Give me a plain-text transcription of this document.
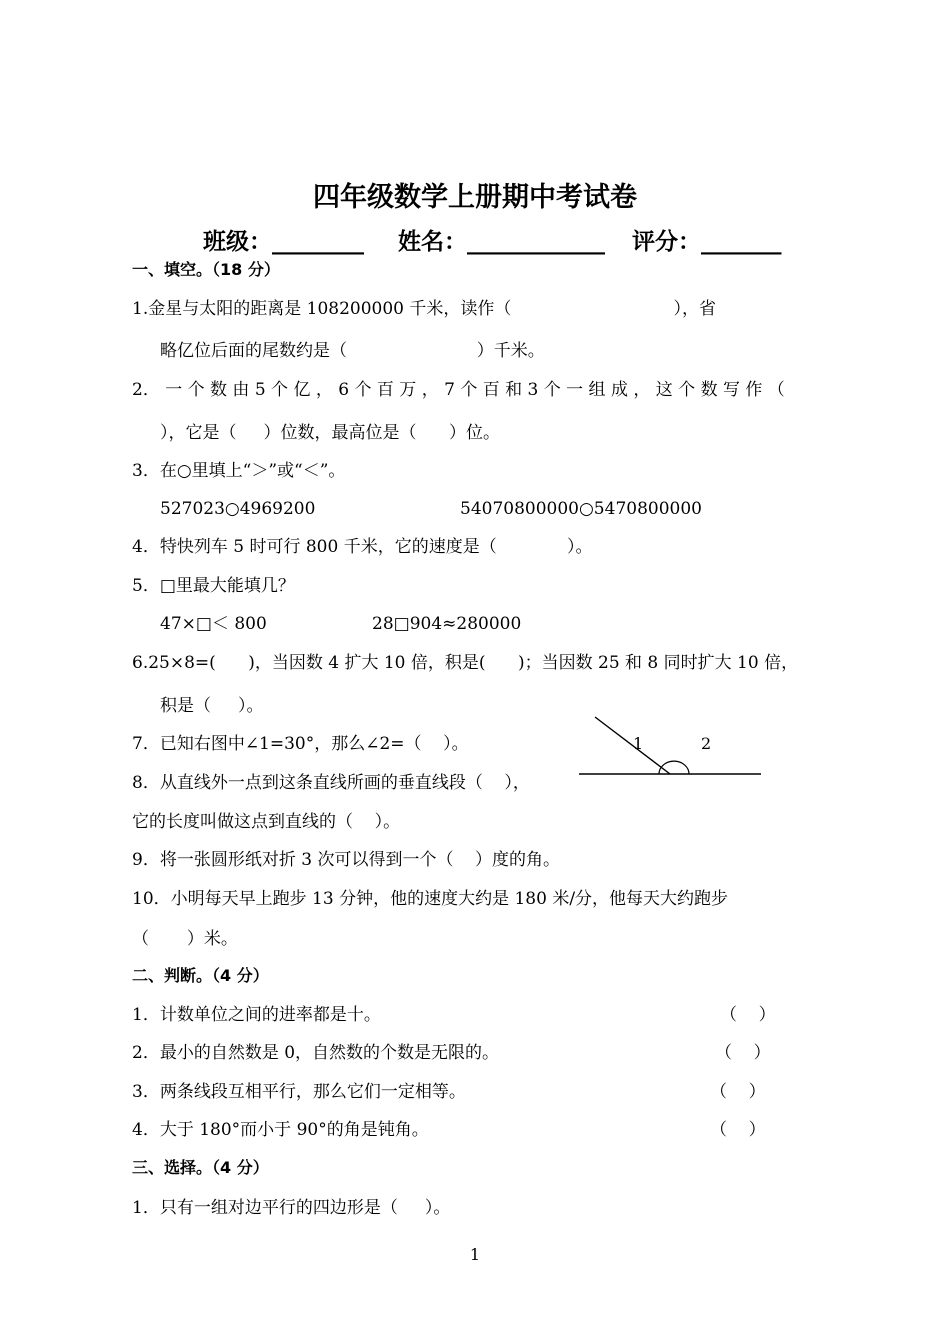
四年级数学上册期中考试卷
班级：________ 姓名：____________ 评分：_______
一、填空。（18 分）
1.金星与太阳的距离是 108200000 千米，读作（                              ），省
略亿位后面的尾数约是（                        ）千米。
2． 一 个 数 由 5 个 亿 ， 6 个 百 万 ， 7 个 百 和 3 个 一 组 成 ， 这 个 数 写 作 （
），它是（     ）位数，最高位是（      ）位。
3．在○里填上“＞”或“＜”。
527023○4969200	54070800000○5470800000
4．特快列车 5 时可行 800 千米，它的速度是（             ）。
5．□里最大能填几？
47×□＜ 800	28□904≈280000
6.25×8=(      )，当因数 4 扩大 10 倍，积是(      )；当因数 25 和 8 同时扩大 10 倍，
积是（     ）。
7．已知右图中∠1=30°，那么∠2=（    ）。	1	2
8．从直线外一点到这条直线所画的垂直线段（    ），
它的长度叫做这点到直线的（    ）。
9．将一张圆形纸对折 3 次可以得到一个（    ）度的角。
10．小明每天早上跑步 13 分钟，他的速度大约是 180 米/分，他每天大约跑步
（       ）米。
二、判断。（4 分）
1．计数单位之间的进率都是十。	（    ）
2．最小的自然数是 0，自然数的个数是无限的。	（    ）
3．两条线段互相平行，那么它们一定相等。	（    ）
4．大于 180°而小于 90°的角是钝角。	（    ）
三、选择。（4 分）
1．只有一组对边平行的四边形是（     ）。
1
